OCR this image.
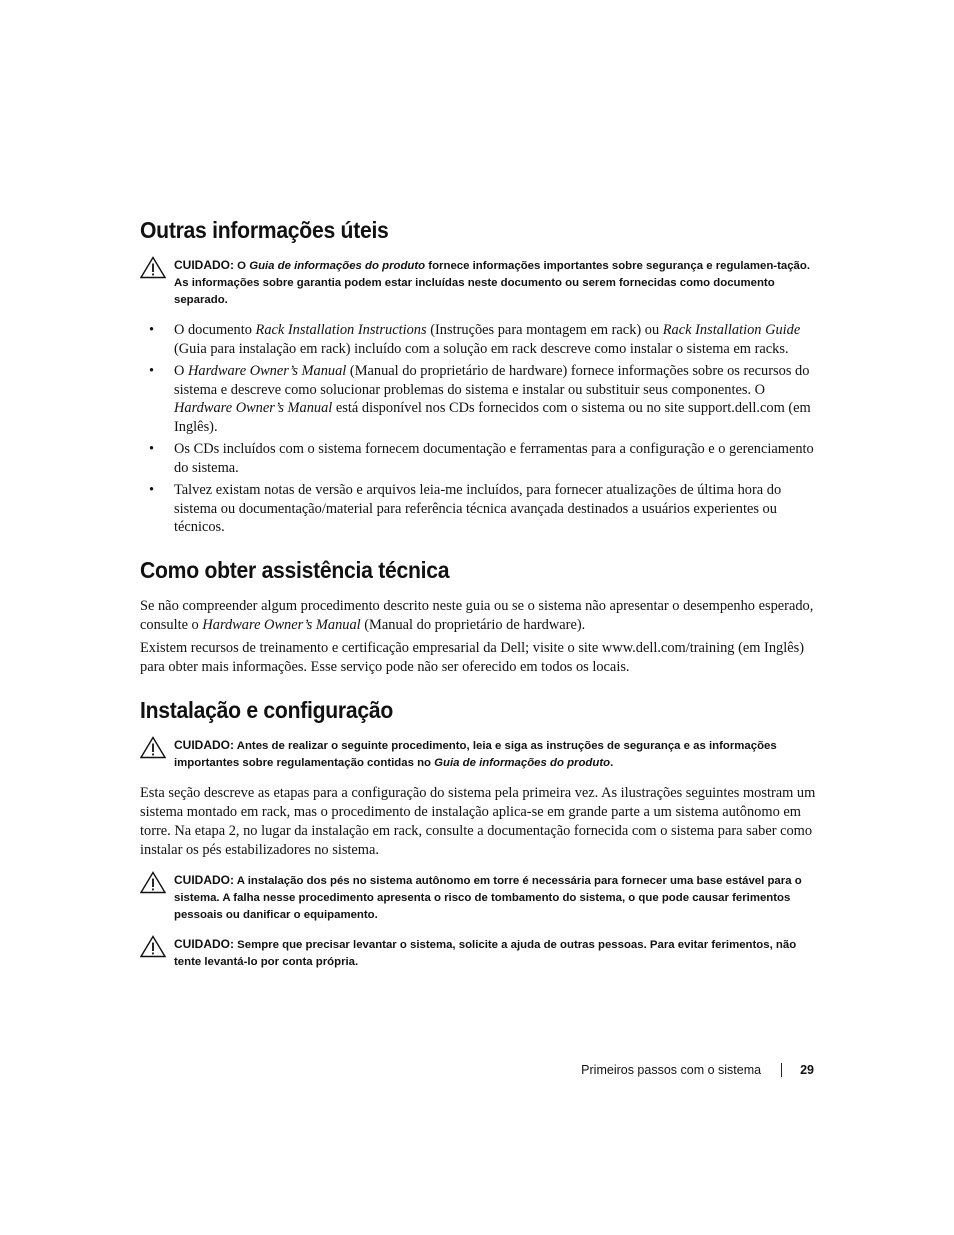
Outras informações úteis
CUIDADO: O Guia de informações do produto fornece informações importantes sobre segurança e regulamen-tação. As informações sobre garantia podem estar incluídas neste documento ou serem fornecidas como documento separado.
• O documento Rack Installation Instructions (Instruções para montagem em rack) ou Rack Installation Guide (Guia para instalação em rack) incluído com a solução em rack descreve como instalar o sistema em racks.
• O Hardware Owner’s Manual (Manual do proprietário de hardware) fornece informações sobre os recursos do sistema e descreve como solucionar problemas do sistema e instalar ou substituir seus componentes. O Hardware Owner’s Manual está disponível nos CDs fornecidos com o sistema ou no site support.dell.com (em Inglês).
• Os CDs incluídos com o sistema fornecem documentação e ferramentas para a configuração e o gerenciamento do sistema.
• Talvez existam notas de versão e arquivos leia-me incluídos, para fornecer atualizações de última hora do sistema ou documentação/material para referência técnica avançada destinados a usuários experientes ou técnicos.
Como obter assistência técnica

Se não compreender algum procedimento descrito neste guia ou se o sistema não apresentar o desempenho esperado, consulte o Hardware Owner’s Manual (Manual do proprietário de hardware).

Existem recursos de treinamento e certificação empresarial da Dell; visite o site www.dell.com/training (em Inglês) para obter mais informações. Esse serviço pode não ser oferecido em todos os locais.

Instalação e configuração
CUIDADO: Antes de realizar o seguinte procedimento, leia e siga as instruções de segurança e as informações importantes sobre regulamentação contidas no Guia de informações do produto.

Esta seção descreve as etapas para a configuração do sistema pela primeira vez. As ilustrações seguintes mostram um sistema montado em rack, mas o procedimento de instalação aplica-se em grande parte a um sistema autônomo em torre. Na etapa 2, no lugar da instalação em rack, consulte a documentação fornecida com o sistema para saber como instalar os pés estabilizadores no sistema.

CUIDADO: A instalação dos pés no sistema autônomo em torre é necessária para fornecer uma base estável para o sistema. A falha nesse procedimento apresenta o risco de tombamento do sistema, o que pode causar ferimentos pessoais ou danificar o equipamento.
CUIDADO: Sempre que precisar levantar o sistema, solicite a ajuda de outras pessoas. Para evitar ferimentos, não tente levantá-lo por conta própria.
Primeiros passos com o sistema	29
